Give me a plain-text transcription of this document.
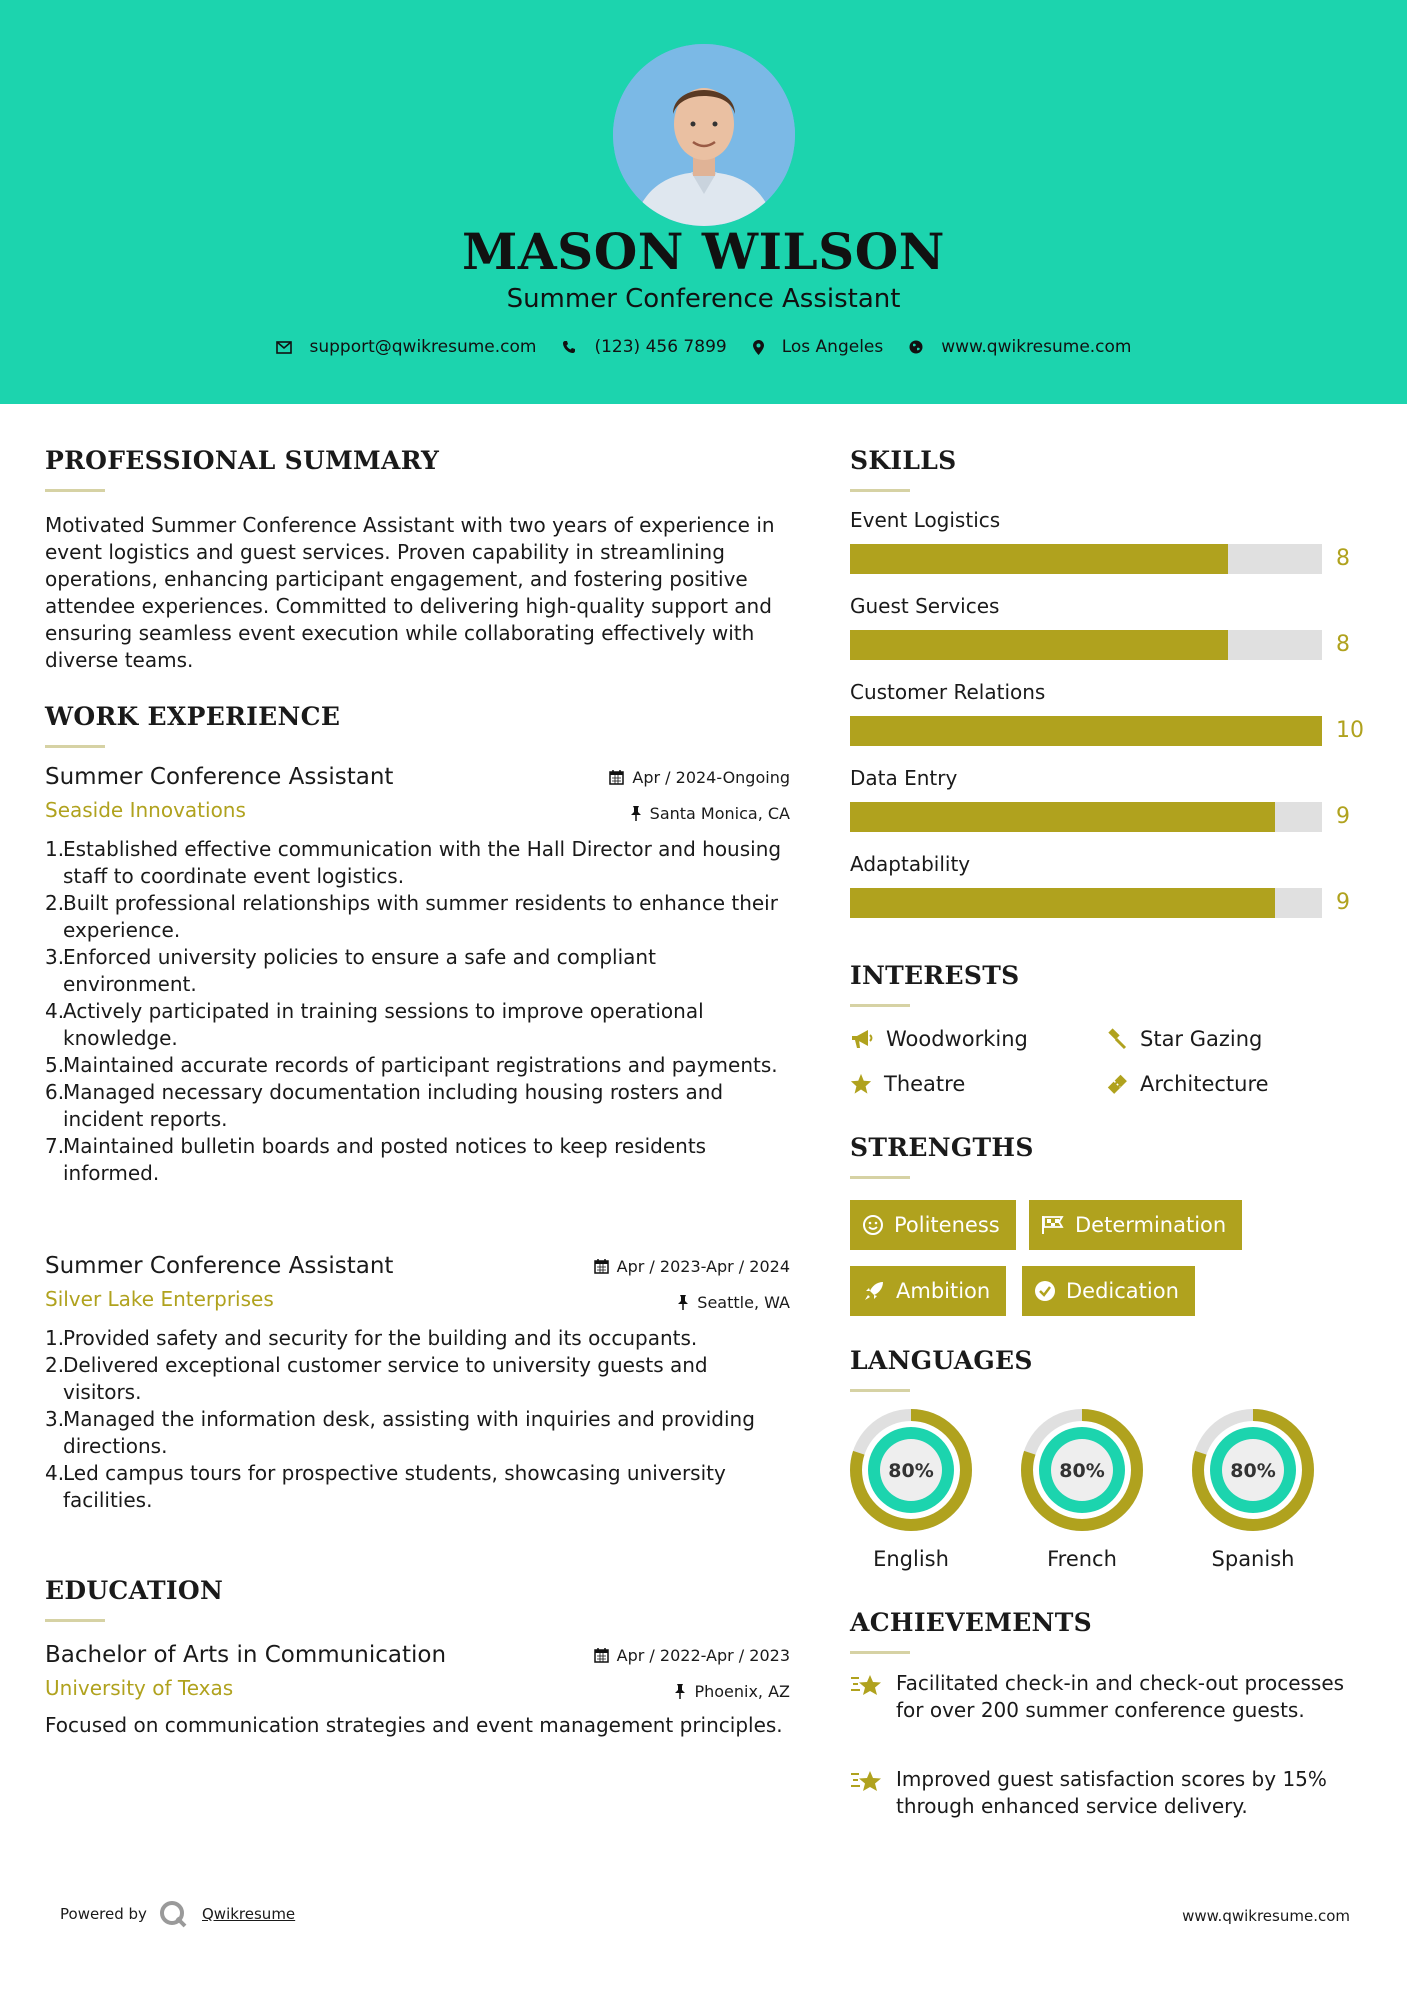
MASON WILSON
Summer Conference Assistant
support@qwikresume.com	(123) 456 7899	Los Angeles	www.qwikresume.com
PROFESSIONAL SUMMARY
Motivated Summer Conference Assistant with two years of experience in event logistics and guest services. Proven capability in streamlining operations, enhancing participant engagement, and fostering positive attendee experiences. Committed to delivering high-quality support and ensuring seamless event execution while collaborating effectively with diverse teams.
WORK EXPERIENCE
Summer Conference Assistant	Apr / 2024-Ongoing
Seaside Innovations	Santa Monica, CA
1.
Established effective communication with the Hall Director and housing staff to coordinate event logistics.
2.
Built professional relationships with summer residents to enhance their experience.
3.
Enforced university policies to ensure a safe and compliant environment.
4.
Actively participated in training sessions to improve operational knowledge.
5.
Maintained accurate records of participant registrations and payments.
6.
Managed necessary documentation including housing rosters and incident reports.
7.
Maintained bulletin boards and posted notices to keep residents informed.
Summer Conference Assistant	Apr / 2023-Apr / 2024
Silver Lake Enterprises	Seattle, WA
1.
Provided safety and security for the building and its occupants.
2.
Delivered exceptional customer service to university guests and visitors.
3.
Managed the information desk, assisting with inquiries and providing directions.
4.
Led campus tours for prospective students, showcasing university facilities.
EDUCATION
Bachelor of Arts in Communication	Apr / 2022-Apr / 2023
University of Texas	Phoenix, AZ
Focused on communication strategies and event management principles.
SKILLS
Event Logistics
8
Guest Services
8
Customer Relations
10
Data Entry
9
Adaptability
9
INTERESTS
Woodworking	Star Gazing
Theatre	Architecture
STRENGTHS
Politeness	Determination
Ambition	Dedication
LANGUAGES
80%
English
80%
French
80%
Spanish
ACHIEVEMENTS
Facilitated check-in and check-out processes for over 200 summer conference guests.
Improved guest satisfaction scores by 15% through enhanced service delivery.
Powered by	Qwikresume	www.qwikresume.com
